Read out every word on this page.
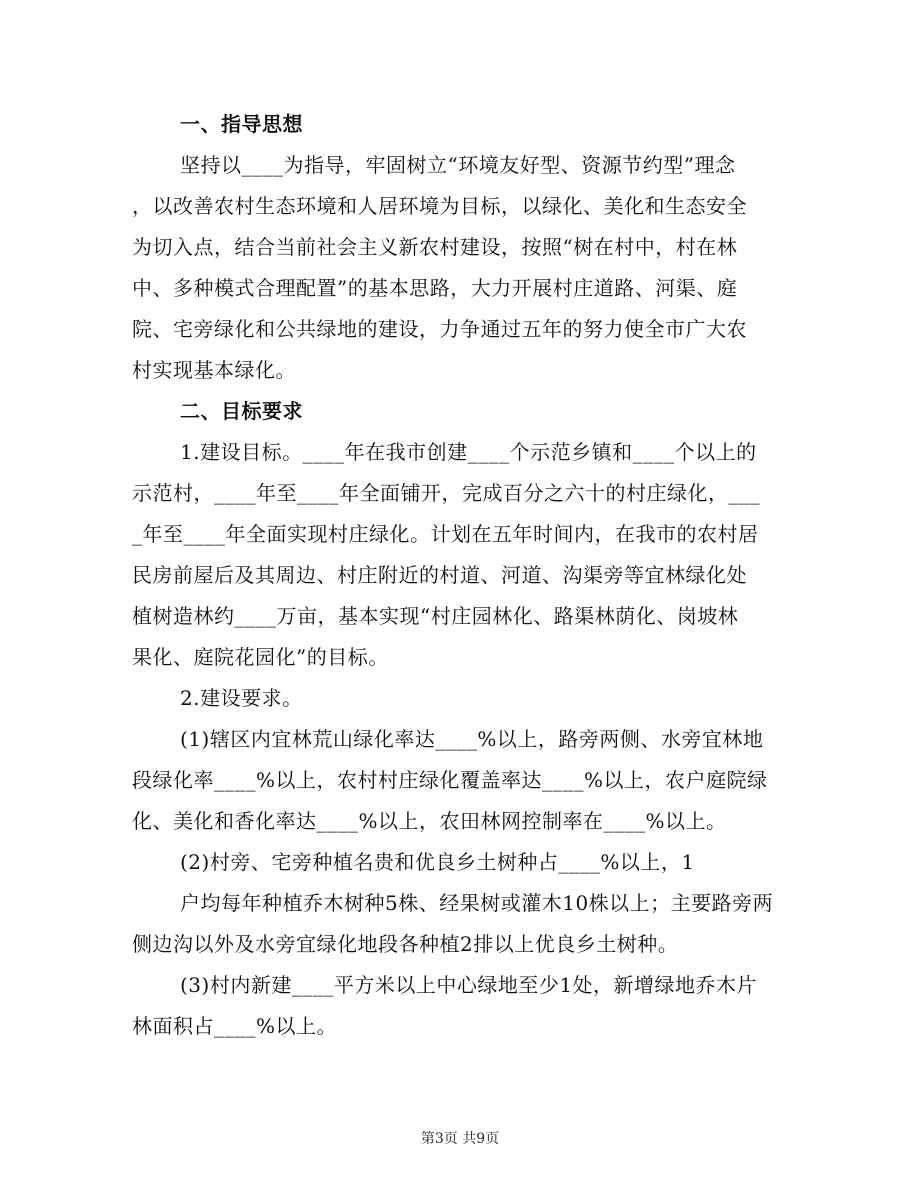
一、指导思想
坚持以____为指导，牢固树立“环境友好型、资源节约型”理念
，以改善农村生态环境和人居环境为目标，以绿化、美化和生态安全
为切入点，结合当前社会主义新农村建设，按照“树在村中，村在林
中、多种模式合理配置”的基本思路，大力开展村庄道路、河渠、庭
院、宅旁绿化和公共绿地的建设，力争通过五年的努力使全市广大农
村实现基本绿化。
二、目标要求
1.建设目标。____年在我市创建____个示范乡镇和____个以上的
示范村，____年至____年全面铺开，完成百分之六十的村庄绿化，___
_年至____年全面实现村庄绿化。计划在五年时间内，在我市的农村居
民房前屋后及其周边、村庄附近的村道、河道、沟渠旁等宜林绿化处
植树造林约____万亩，基本实现“村庄园林化、路渠林荫化、岗坡林
果化、庭院花园化”的目标。
2.建设要求。
(1)辖区内宜林荒山绿化率达____%以上，路旁两侧、水旁宜林地
段绿化率____%以上，农村村庄绿化覆盖率达____%以上，农户庭院绿
化、美化和香化率达____%以上，农田林网控制率在____%以上。
(2)村旁、宅旁种植名贵和优良乡土树种占____%以上，1
户均每年种植乔木树种5株、经果树或灌木10株以上；主要路旁两
侧边沟以外及水旁宜绿化地段各种植2排以上优良乡土树种。
(3)村内新建____平方米以上中心绿地至少1处，新增绿地乔木片
林面积占____%以上。
第3页 共9页
